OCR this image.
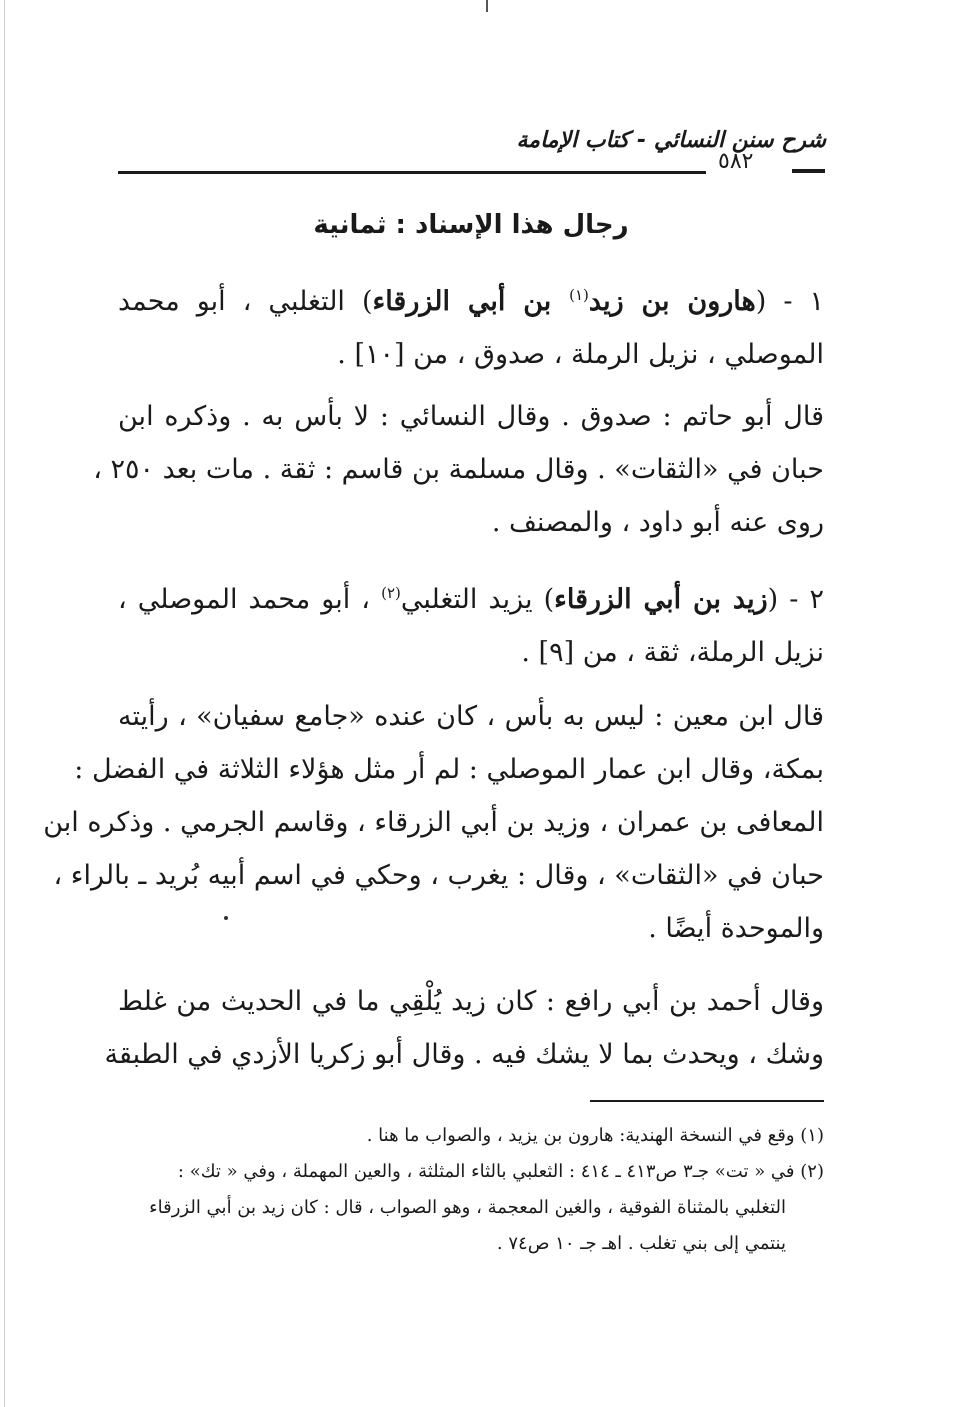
شرح سنن النسائي - كتاب الإمامة
٥٨٢
رجال هذا الإسناد : ثمانية
١ - (هارون بن زيد$^{(١)}$ بن أبي الزرقاء) التغلبي ، أبو محمد
الموصلي ، نزيل الرملة ، صدوق ، من [١٠] .
قال أبو حاتم : صدوق . وقال النسائي : لا بأس به . وذكره ابن
حبان في «الثقات» . وقال مسلمة بن قاسم : ثقة . مات بعد ٢٥٠ ،
روى عنه أبو داود ، والمصنف .
٢ - (زيد بن أبي الزرقاء) يزيد التغلبي$^{(٢)}$ ، أبو محمد الموصلي ،
نزيل الرملة، ثقة ، من [٩] .
قال ابن معين : ليس به بأس ، كان عنده «جامع سفيان» ، رأيته
بمكة، وقال ابن عمار الموصلي : لم أر مثل هؤلاء الثلاثة في الفضل :
المعافى بن عمران ، وزيد بن أبي الزرقاء ، وقاسم الجرمي . وذكره ابن
حبان في «الثقات» ، وقال : يغرب ، وحكي في اسم أبيه بُريد ـ بالراء ،
والموحدة أيضًا .
وقال أحمد بن أبي رافع : كان زيد يُلْقِي ما في الحديث من غلط
وشك ، ويحدث بما لا يشك فيه . وقال أبو زكريا الأزدي في الطبقة
(١) وقع في النسخة الهندية: هارون بن يزيد ، والصواب ما هنا .
(٢) في « تت» جـ٣ ص٤١٣ ـ ٤١٤ : الثعلبي بالثاء المثلثة ، والعين المهملة ، وفي « تك» :
التغلبي بالمثناة الفوقية ، والغين المعجمة ، وهو الصواب ، قال : كان زيد بن أبي الزرقاء
ينتمي إلى بني تغلب . اهـ جـ ١٠ ص٧٤ .
